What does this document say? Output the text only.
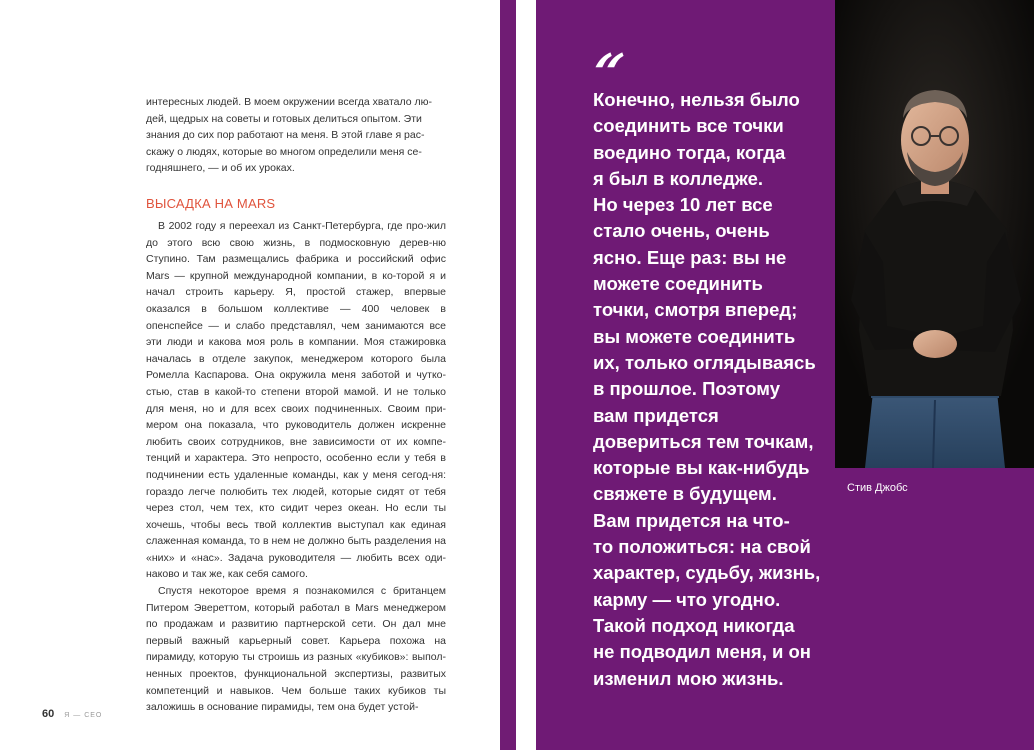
интересных людей. В моем окружении всегда хватало лю-

дей, щедрых на советы и готовых делиться опытом. Эти

знания до сих пор работают на меня. В этой главе я рас-

скажу о людях, которые во многом определили меня се-

годняшнего, — и об их уроках.

ВЫСАДКА НА MARS

В 2002 году я переехал из Санкт-Петербурга, где про-жил до этого всю свою жизнь, в подмосковную дерев-ню Ступино. Там размещались фабрика и российский офис Mars — крупной международной компании, в ко-торой я и начал строить карьеру. Я, простой стажер, впервые оказался в большом коллективе — 400 человек в опенспейсе — и слабо представлял, чем занимаются все эти люди и какова моя роль в компании. Моя стажировка началась в отделе закупок, менеджером которого была Ромелла Каспарова. Она окружила меня заботой и чутко-стью, став в какой-то степени второй мамой. И не только для меня, но и для всех своих подчиненных. Своим при-мером она показала, что руководитель должен искренне любить своих сотрудников, вне зависимости от их компе-тенций и характера. Это непросто, особенно если у тебя в подчинении есть удаленные команды, как у меня сегод-ня: гораздо легче полюбить тех людей, которые сидят от тебя через стол, чем тех, кто сидит через океан. Но если ты хочешь, чтобы весь твой коллектив выступал как единая слаженная команда, то в нем не должно быть разделения на «них» и «нас». Задача руководителя — любить всех оди-наково и так же, как себя самого.

Спустя некоторое время я познакомился с британцем Питером Эвереттом, который работал в Mars менеджером по продажам и развитию партнерской сети. Он дал мне первый важный карьерный совет. Карьера похожа на пирамиду, которую ты строишь из разных «кубиков»: выпол-ненных проектов, функциональной экспертизы, развитых компетенций и навыков. Чем больше таких кубиков ты заложишь в основание пирамиды, тем она будет устой-

60 Я — CEO
“

Конечно, нельзя было

соединить все точки

воедино тогда, когда

я был в колледже.

Но через 10 лет все

стало очень, очень

ясно. Еще раз: вы не

можете соединить

точки, смотря вперед;

вы можете соединить

их, только оглядываясь

в прошлое. Поэтому

вам придется

довериться тем точкам,

которые вы как-нибудь

свяжете в будущем.

Вам придется на что-

то положиться: на свой

характер, судьбу, жизнь,

карму — что угодно.

Такой подход никогда

не подводил меня, и он

изменил мою жизнь.

Стив Джобс
